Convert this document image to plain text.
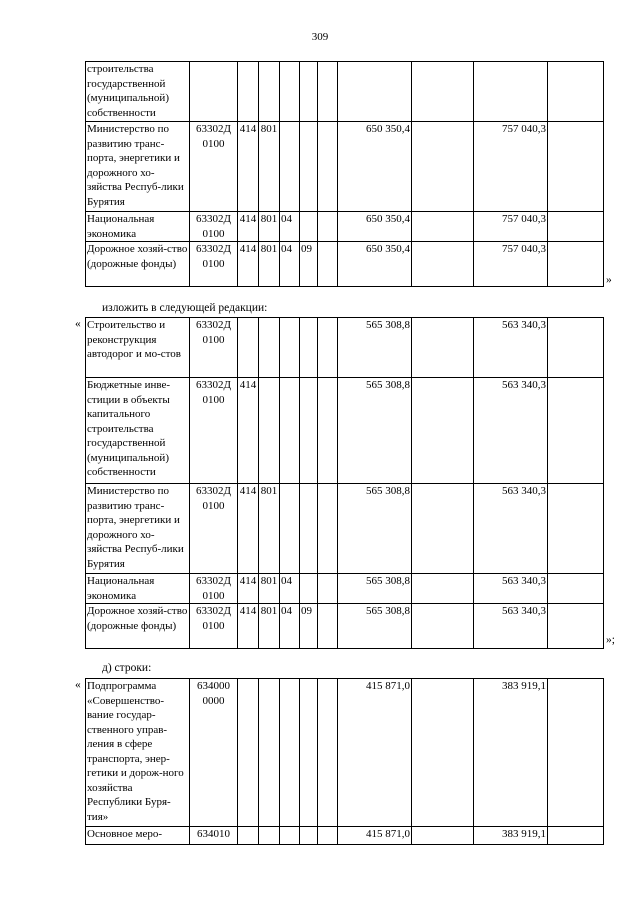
309
строительства государственной (муниципальной) собственности										
Министерство по развитию транс-порта, энергетики и дорожного хо-зяйства Респуб-лики Бурятия	63302Д 0100	414	801				650 350,4		757 040,3	
Национальная экономика	63302Д 0100	414	801	04			650 350,4		757 040,3	
Дорожное хозяй-ство (дорожные фонды)	63302Д 0100	414	801	04	09		650 350,4		757 040,3	
»
изложить в следующей редакции:
« Строительство и реконструкция автодорог и мо-стов	63302Д 0100						565 308,8		563 340,3	
Бюджетные инве-стиции в объекты капитального строительства государственной (муниципальной) собственности	63302Д 0100	414					565 308,8		563 340,3	
Министерство по развитию транс-порта, энергетики и дорожного хо-зяйства Респуб-лики Бурятия	63302Д 0100	414	801				565 308,8		563 340,3	
Национальная экономика	63302Д 0100	414	801	04			565 308,8		563 340,3	
Дорожное хозяй-ство (дорожные фонды)	63302Д 0100	414	801	04	09		565 308,8		563 340,3	
»;
д) строки:
« Подпрограмма «Совершенство-вание государ-ственного управ-ления в сфере транспорта, энер-гетики и дорож-ного хозяйства Республики Буря-тия»	634000 0000						415 871,0		383 919,1	
Основное меро-	634010						415 871,0		383 919,1	
